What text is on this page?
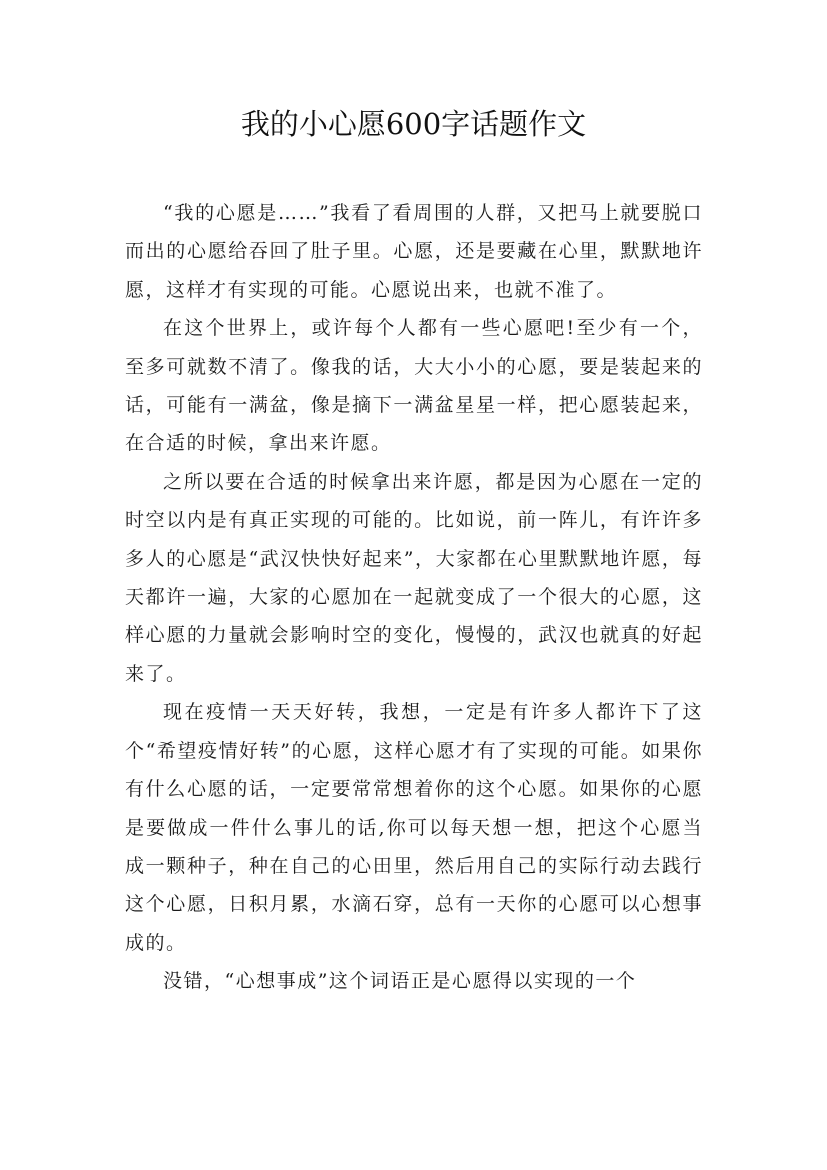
我的小心愿600字话题作文

“我的心愿是……”我看了看周围的人群，又把马上就要脱口而出的心愿给吞回了肚子里。心愿，还是要藏在心里，默默地许愿，这样才有实现的可能。心愿说出来，也就不准了。

在这个世界上，或许每个人都有一些心愿吧!至少有一个，至多可就数不清了。像我的话，大大小小的心愿，要是装起来的话，可能有一满盆，像是摘下一满盆星星一样，把心愿装起来，在合适的时候，拿出来许愿。

之所以要在合适的时候拿出来许愿，都是因为心愿在一定的时空以内是有真正实现的可能的。比如说，前一阵儿，有许许多多人的心愿是“武汉快快好起来”，大家都在心里默默地许愿，每天都许一遍，大家的心愿加在一起就变成了一个很大的心愿，这样心愿的力量就会影响时空的变化，慢慢的，武汉也就真的好起来了。

现在疫情一天天好转，我想，一定是有许多人都许下了这个“希望疫情好转”的心愿，这样心愿才有了实现的可能。如果你有什么心愿的话，一定要常常想着你的这个心愿。如果你的心愿是要做成一件什么事儿的话,你可以每天想一想，把这个心愿当成一颗种子，种在自己的心田里，然后用自己的实际行动去践行这个心愿，日积月累，水滴石穿，总有一天你的心愿可以心想事成的。

没错，“心想事成”这个词语正是心愿得以实现的一个
